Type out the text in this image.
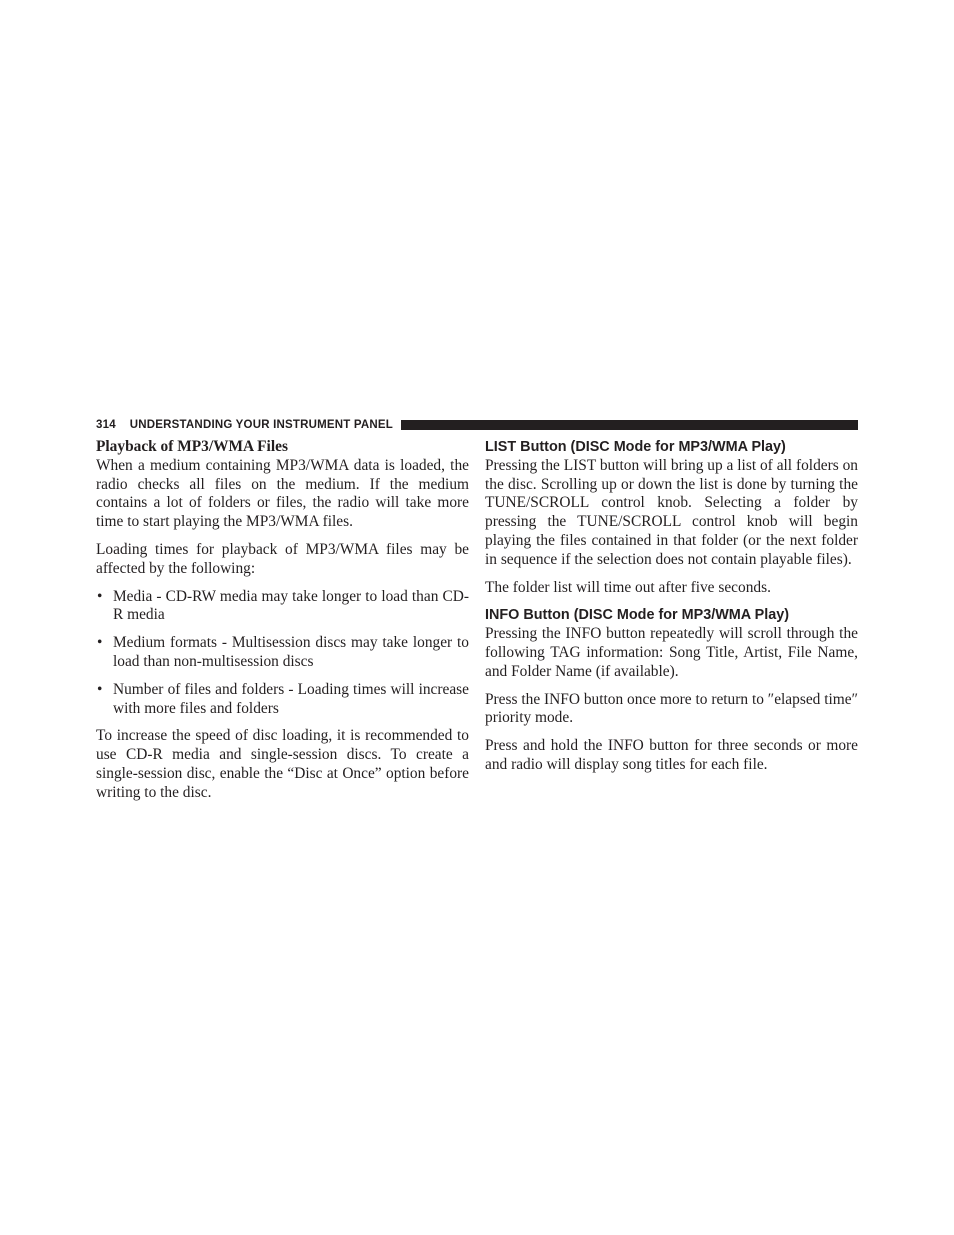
314 UNDERSTANDING YOUR INSTRUMENT PANEL
Playback of MP3/WMA Files

When a medium containing MP3/WMA data is loaded, the radio checks all files on the medium. If the medium contains a lot of folders or files, the radio will take more time to start playing the MP3/WMA files.

Loading times for playback of MP3/WMA files may be affected by the following:

• Media - CD-RW media may take longer to load than CD-R media
• Medium formats - Multisession discs may take longer to load than non-multisession discs
• Number of files and folders - Loading times will increase with more files and folders

To increase the speed of disc loading, it is recommended to use CD-R media and single-session discs. To create a single-session disc, enable the “Disc at Once” option before writing to the disc.

LIST Button (DISC Mode for MP3/WMA Play)

Pressing the LIST button will bring up a list of all folders on the disc. Scrolling up or down the list is done by turning the TUNE/SCROLL control knob. Selecting a folder by pressing the TUNE/SCROLL control knob will begin playing the files contained in that folder (or the next folder in sequence if the selection does not contain playable files).

The folder list will time out after five seconds.

INFO Button (DISC Mode for MP3/WMA Play)

Pressing the INFO button repeatedly will scroll through the following TAG information: Song Title, Artist, File Name, and Folder Name (if available).

Press the INFO button once more to return to ″elapsed time″ priority mode.

Press and hold the INFO button for three seconds or more and radio will display song titles for each file.
